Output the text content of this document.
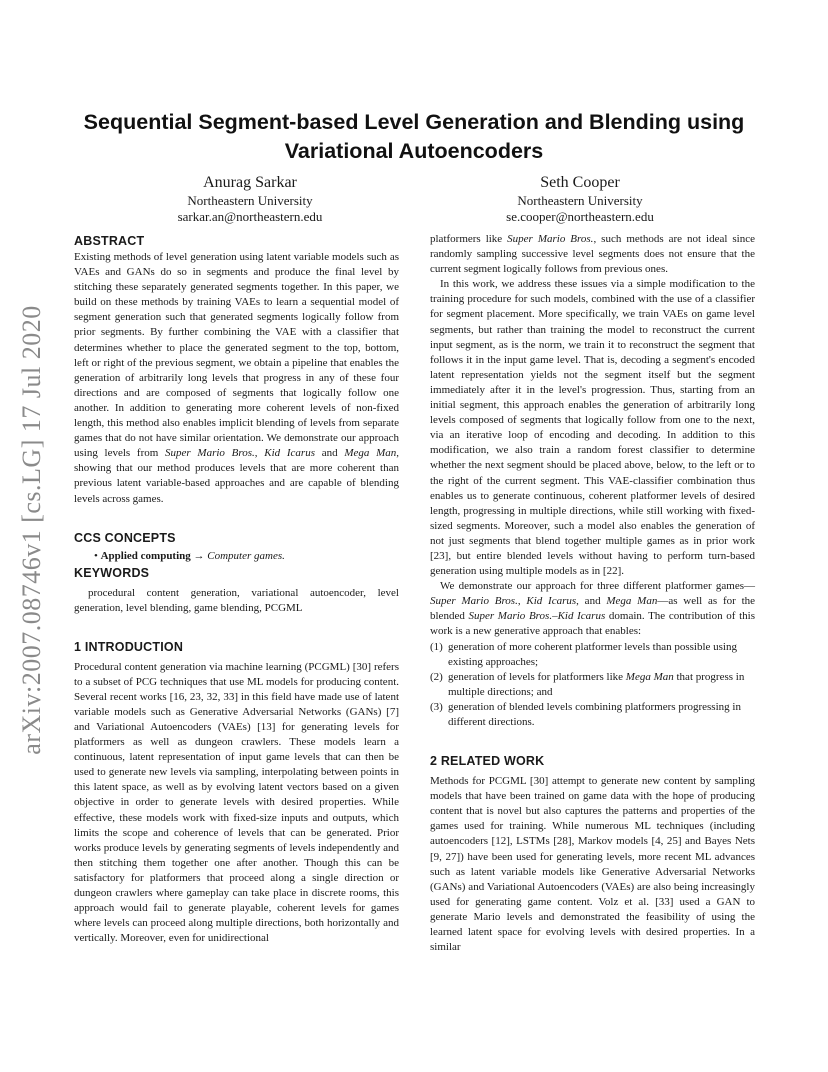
Sequential Segment-based Level Generation and Blending using Variational Autoencoders
Anurag Sarkar
Northeastern University
sarkar.an@northeastern.edu
Seth Cooper
Northeastern University
se.cooper@northeastern.edu
arXiv:2007.08746v1 [cs.LG] 17 Jul 2020
ABSTRACT

Existing methods of level generation using latent variable models such as VAEs and GANs do so in segments and produce the final level by stitching these separately generated segments together. In this paper, we build on these methods by training VAEs to learn a sequential model of segment generation such that generated segments logically follow from prior segments. By further combining the VAE with a classifier that determines whether to place the generated segment to the top, bottom, left or right of the previous segment, we obtain a pipeline that enables the generation of arbitrarily long levels that progress in any of these four directions and are composed of segments that logically follow one another. In addition to generating more coherent levels of non-fixed length, this method also enables implicit blending of levels from separate games that do not have similar orientation. We demonstrate our approach using levels from Super Mario Bros., Kid Icarus and Mega Man, showing that our method produces levels that are more coherent than previous latent variable-based approaches and are capable of blending levels across games.

CCS CONCEPTS
• Applied computing → Computer games.
KEYWORDS

procedural content generation, variational autoencoder, level generation, level blending, game blending, PCGML

1 INTRODUCTION

Procedural content generation via machine learning (PCGML) [30] refers to a subset of PCG techniques that use ML models for producing content. Several recent works [16, 23, 32, 33] in this field have made use of latent variable models such as Generative Adversarial Networks (GANs) [7] and Variational Autoencoders (VAEs) [13] for generating levels for platformers as well as dungeon crawlers. These models learn a continuous, latent representation of input game levels that can then be used to generate new levels via sampling, interpolating between points in this latent space, as well as by evolving latent vectors based on a given objective in order to generate levels with desired properties. While effective, these models work with fixed-size inputs and outputs, which limits the scope and coherence of levels that can be generated. Prior works produce levels by generating segments of levels independently and then stitching them together one after another. Though this can be satisfactory for platformers that proceed along a single direction or dungeon crawlers where gameplay can take place in discrete rooms, this approach would fail to generate playable, coherent levels for games where levels can proceed along multiple directions, both horizontally and vertically. Moreover, even for unidirectional

platformers like Super Mario Bros., such methods are not ideal since randomly sampling successive level segments does not ensure that the current segment logically follows from previous ones.

In this work, we address these issues via a simple modification to the training procedure for such models, combined with the use of a classifier for segment placement. More specifically, we train VAEs on game level segments, but rather than training the model to reconstruct the current input segment, as is the norm, we train it to reconstruct the segment that follows it in the input game level. That is, decoding a segment's encoded latent representation yields not the segment itself but the segment immediately after it in the level's progression. Thus, starting from an initial segment, this approach enables the generation of arbitrarily long levels composed of segments that logically follow from one to the next, via an iterative loop of encoding and decoding. In addition to this modification, we also train a random forest classifier to determine whether the next segment should be placed above, below, to the left or to the right of the current segment. This VAE-classifier combination thus enables us to generate continuous, coherent platformer levels of desired length, progressing in multiple directions, while still working with fixed-sized segments. Moreover, such a model also enables the generation of not just segments that blend together multiple games as in prior work [23], but entire blended levels without having to perform turn-based generation using multiple models as in [22].

We demonstrate our approach for three different platformer games—Super Mario Bros., Kid Icarus, and Mega Man—as well as for the blended Super Mario Bros.–Kid Icarus domain. The contribution of this work is a new generative approach that enables:

(1) generation of more coherent platformer levels than possible using existing approaches;
(2) generation of levels for platformers like Mega Man that progress in multiple directions; and
(3) generation of blended levels combining platformers progressing in different directions.
2 RELATED WORK

Methods for PCGML [30] attempt to generate new content by sampling models that have been trained on game data with the hope of producing content that is novel but also captures the patterns and properties of the games used for training. While numerous ML techniques (including autoencoders [12], LSTMs [28], Markov models [4, 25] and Bayes Nets [9, 27]) have been used for generating levels, more recent ML advances such as latent variable models like Generative Adversarial Networks (GANs) and Variational Autoencoders (VAEs) are also being increasingly used for generating game content. Volz et al. [33] used a GAN to generate Mario levels and demonstrated the feasibility of using the learned latent space for evolving levels with desired properties. In a similar
